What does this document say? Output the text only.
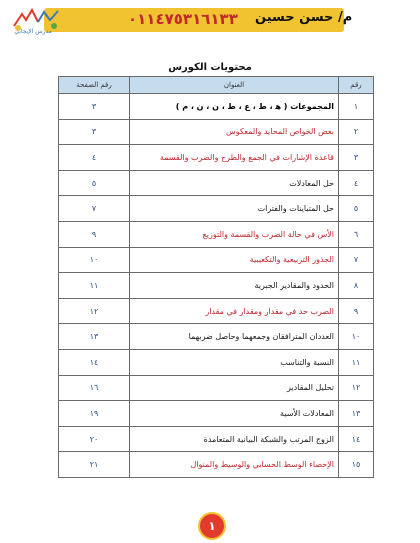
٠١١٤٧٥٣١٦١٣٣ م/ حسن حسين
مدرس الإيجابي
محتويات الكورس
رقم	العنوان	رقم الصفحة
١	المجموعات ( ﻫ ، ﻁ ، ﻉ ، ﻁ ، ﻥ ، ﻥ ، ﻡ )	٣
٢	بعض الخواص المحايد والمعكوس	٣
٣	قاعدة الإشارات في الجمع والطرح والضرب والقسمة	٤
٤	حل المعادلات	٥
٥	حل المتباينات والفترات	٧
٦	الأس في حالة الضرب والقسمة والتوزيع	٩
٧	الجذور التربيعية والتكعيبية	١٠
٨	الحدود والمقادير الجبرية	١١
٩	الضرب حد في مقدار ومقدار في مقدار	١٢
١٠	العددان المترافقان وجمعهما وحاصل ضربهما	١٣
١١	النسبة والتناسب	١٤
١٢	تحليل المقادير	١٦
١٣	المعادلات الأسية	١٩
١٤	الزوج المرتب والشبكة البيانية المتعامدة	٢٠
١٥	الإحصاء الوسط الحسابي والوسيط والمنوال	٢١
١
